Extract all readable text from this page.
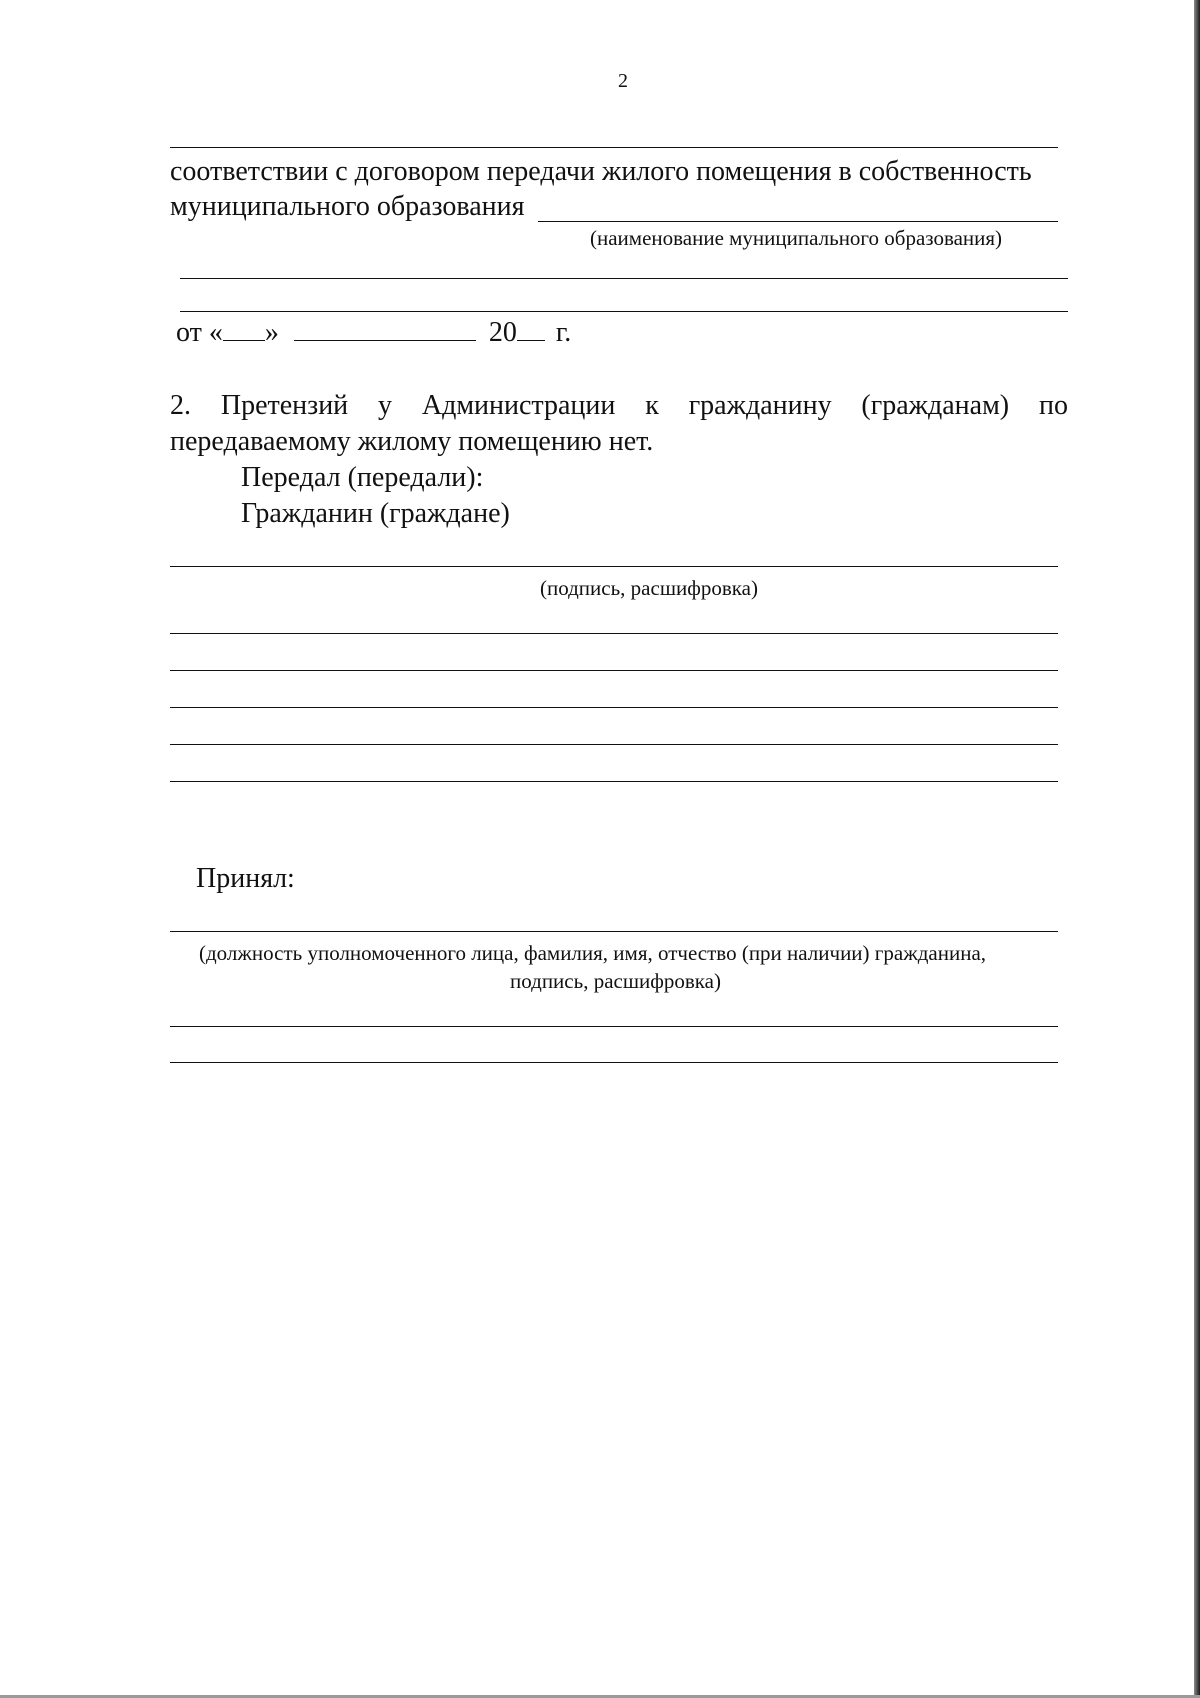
2
соответствии с договором передачи жилого помещения в собственность
муниципального образования
(наименование муниципального образования)
от « »	20 г.
2. Претензий у Администрации к гражданину (гражданам) по
передаваемому жилому помещению нет.
Передал (передали):
Гражданин (граждане)
(подпись, расшифровка)
Принял:
(должность уполномоченного лица, фамилия, имя, отчество (при наличии) гражданина,
подпись, расшифровка)
